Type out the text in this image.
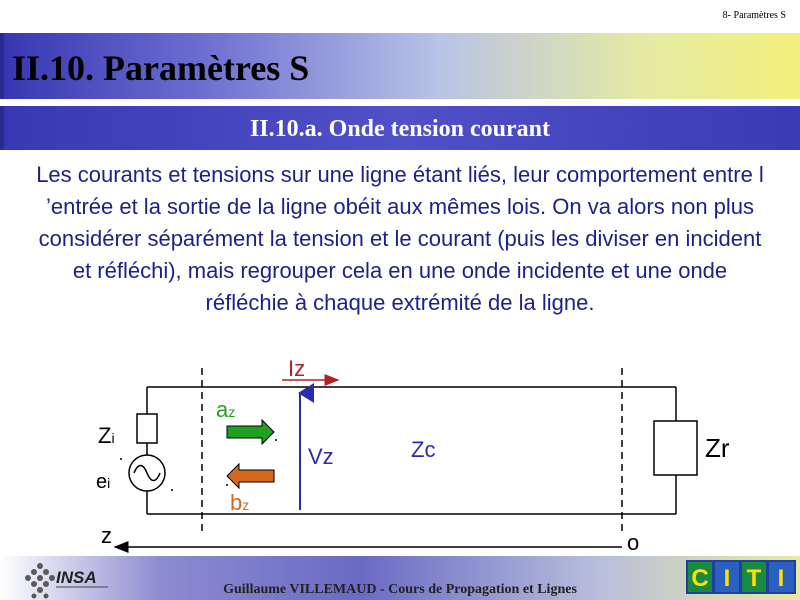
8- Paramètres S
II.10. Paramètres S
II.10.a. Onde tension courant

Les courants et tensions sur une ligne étant liés, leur comportement entre l ’entrée et la sortie de la ligne obéit aux mêmes lois. On va alors non plus considérer séparément la tension et le courant (puis les diviser en incident et réfléchi), mais regrouper cela en une onde incidente et une onde réfléchie à chaque extrémité de la ligne.

Iz
az
bz
Vz	Zc
Zi
ei
Zr
z	o
INSA
Guillaume VILLEMAUD - Cours de Propagation et Lignes	C I T I
